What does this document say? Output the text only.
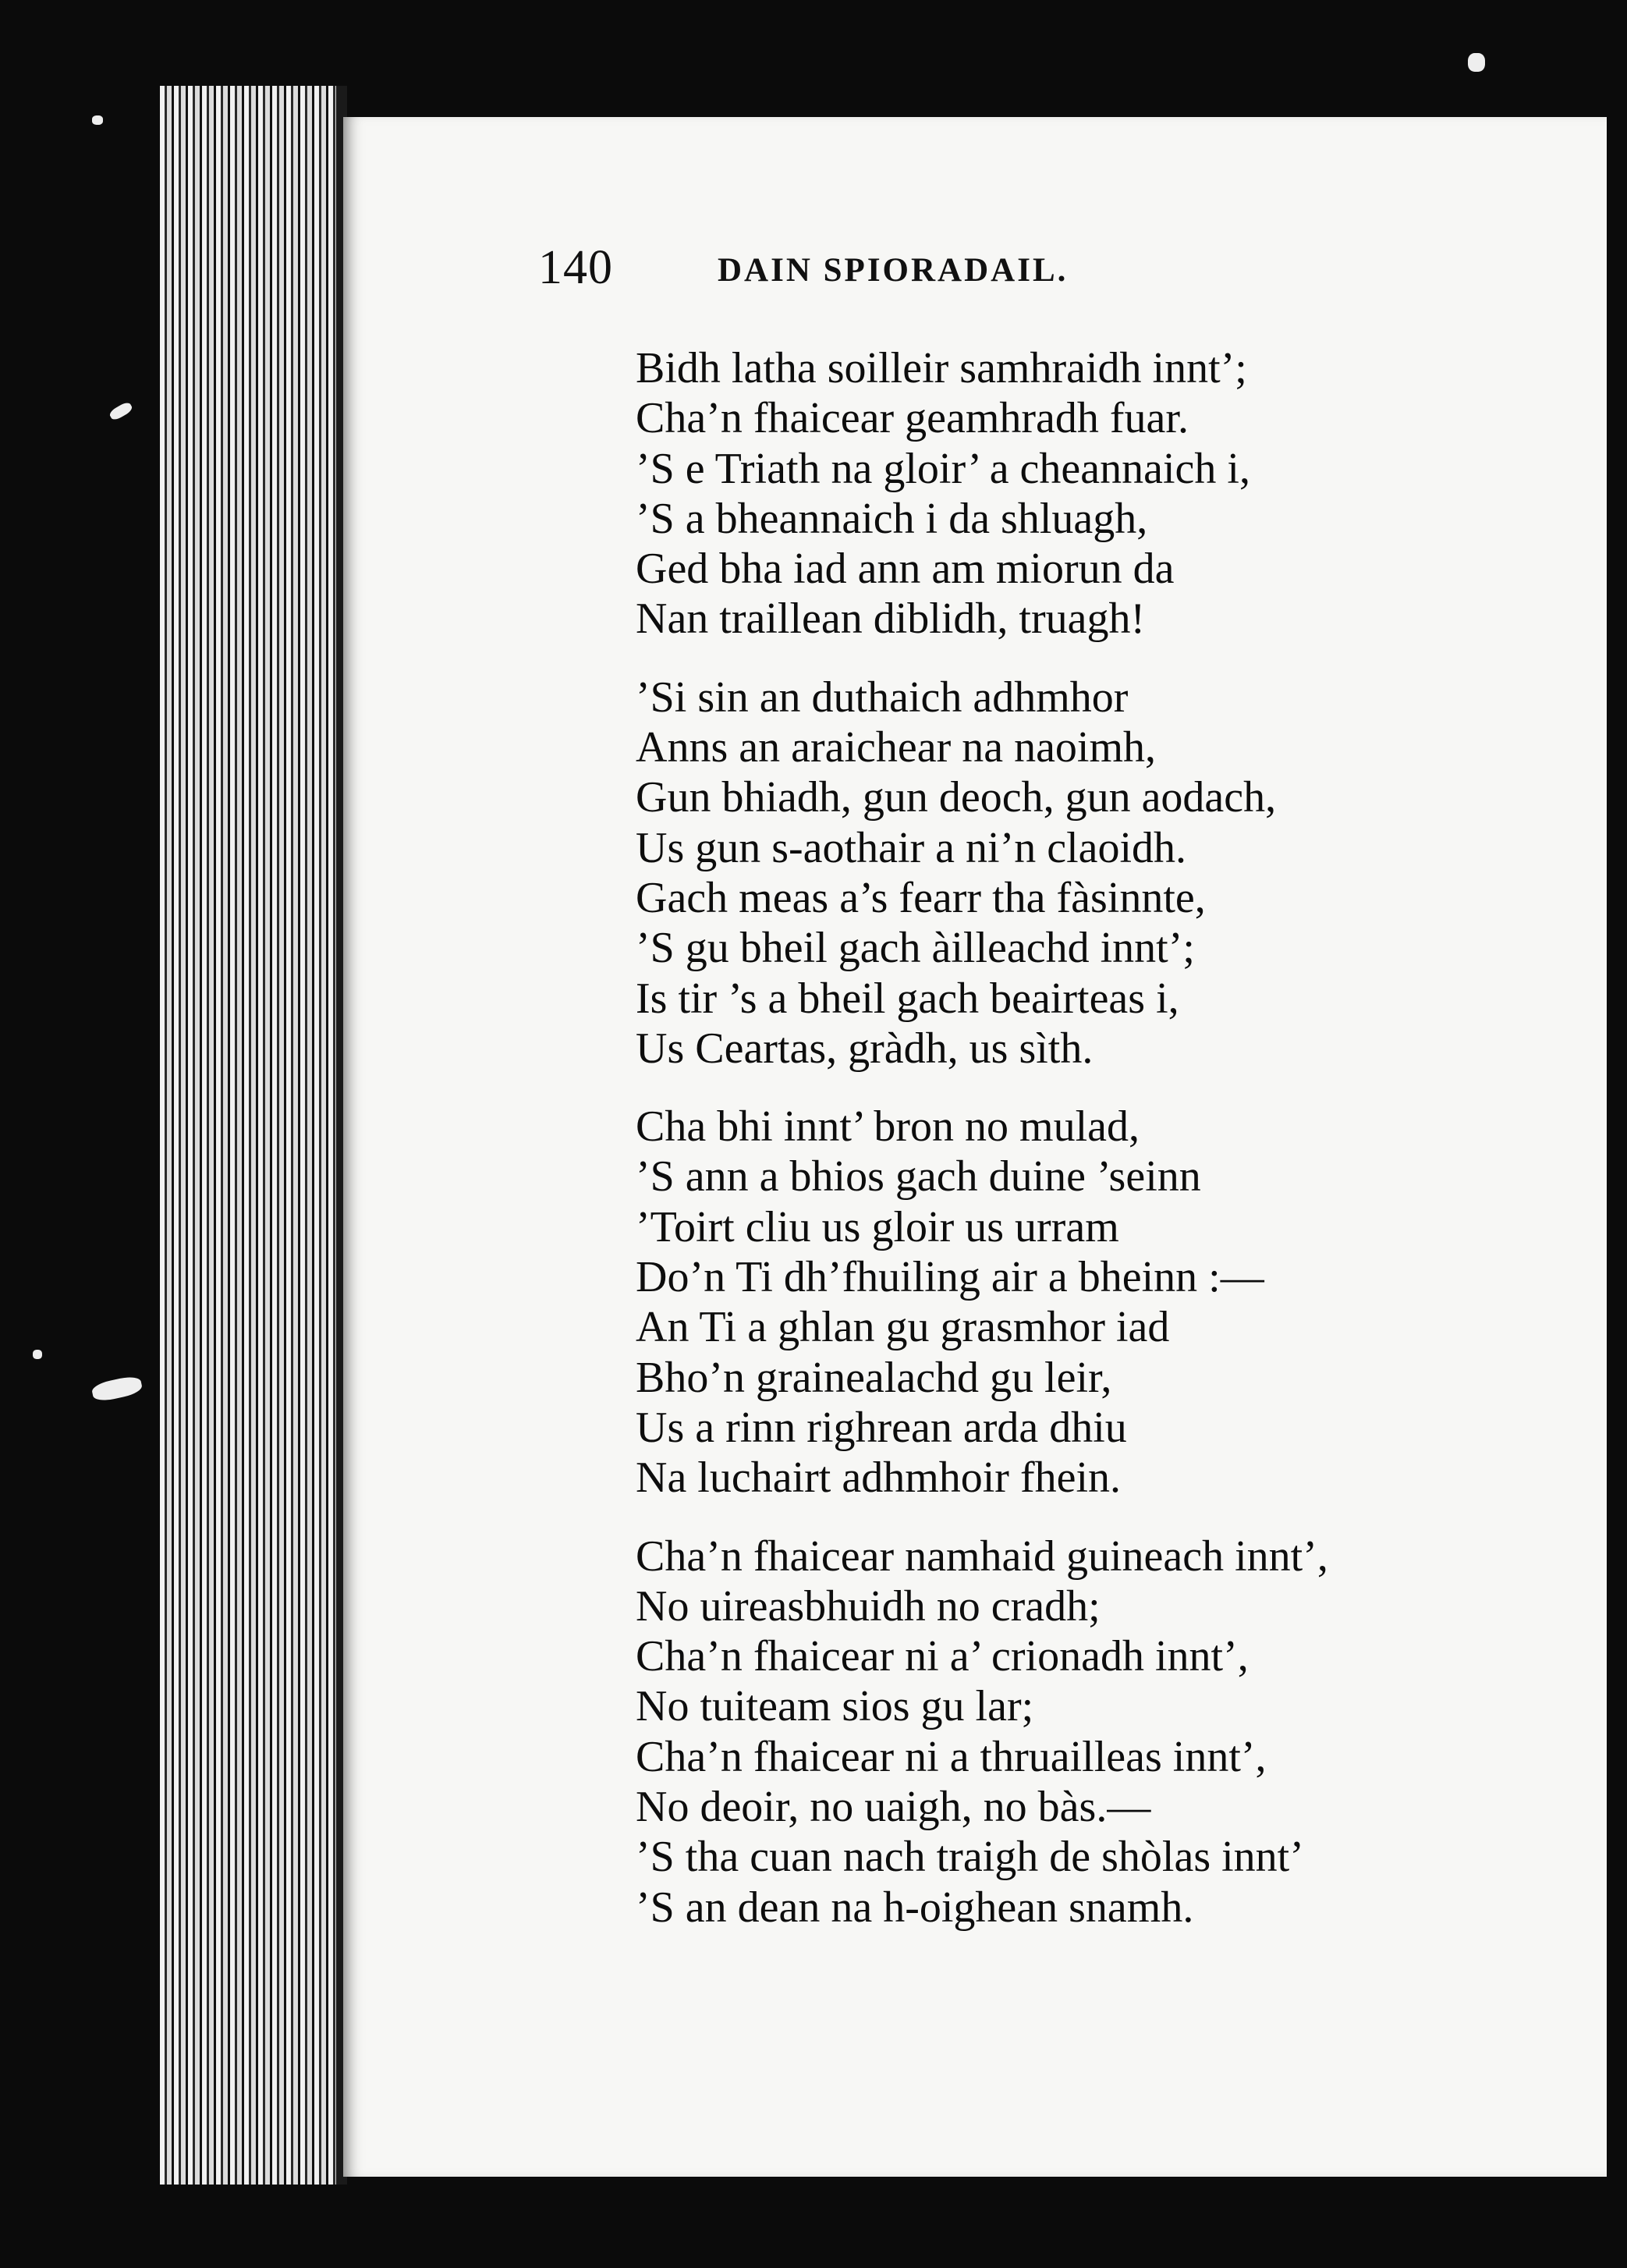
140	DAIN SPIORADAIL.
Bidh latha soilleir samhraidh innt’;
Cha’n fhaicear geamhradh fuar.
’S e Triath na gloir’ a cheannaich i,
’S a bheannaich i da shluagh,
Ged bha iad ann am miorun da
Nan traillean diblidh, truagh!
’Si sin an duthaich adhmhor
Anns an araichear na naoimh,
Gun bhiadh, gun deoch, gun aodach,
Us gun s-aothair a ni’n claoidh.
Gach meas a’s fearr tha fàsinnte,
’S gu bheil gach àilleachd innt’;
Is tir ’s a bheil gach beairteas i,
Us Ceartas, gràdh, us sìth.
Cha bhi innt’ bron no mulad,
’S ann a bhios gach duine ’seinn
’Toirt cliu us gloir us urram
Do’n Ti dh’fhuiling air a bheinn :—
An Ti a ghlan gu grasmhor iad
Bho’n grainealachd gu leir,
Us a rinn righrean arda dhiu
Na luchairt adhmhoir fhein.
Cha’n fhaicear namhaid guineach innt’,
No uireasbhuidh no cradh;
Cha’n fhaicear ni a’ crionadh innt’,
No tuiteam sios gu lar;
Cha’n fhaicear ni a thruailleas innt’,
No deoir, no uaigh, no bàs.—
’S tha cuan nach traigh de shòlas innt’
’S an dean na h-oighean snamh.
